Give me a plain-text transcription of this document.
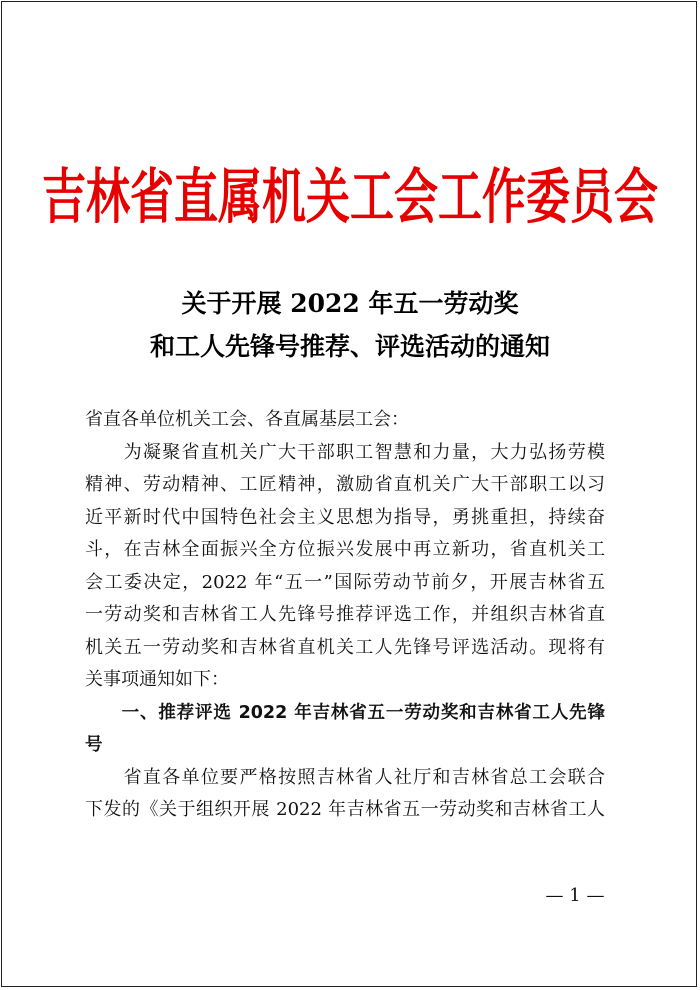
吉林省直属机关工会工作委员会
关于开展 2022 年五一劳动奖
和工人先锋号推荐、评选活动的通知
省直各单位机关工会、各直属基层工会：
　　为凝聚省直机关广大干部职工智慧和力量，大力弘扬劳模
精神、劳动精神、工匠精神，激励省直机关广大干部职工以习
近平新时代中国特色社会主义思想为指导，勇挑重担，持续奋
斗，在吉林全面振兴全方位振兴发展中再立新功，省直机关工
会工委决定，2022 年“五一”国际劳动节前夕，开展吉林省五
一劳动奖和吉林省工人先锋号推荐评选工作，并组织吉林省直
机关五一劳动奖和吉林省直机关工人先锋号评选活动。现将有
关事项通知如下：
　　一、推荐评选 2022 年吉林省五一劳动奖和吉林省工人先锋
号
　　省直各单位要严格按照吉林省人社厅和吉林省总工会联合
下发的《关于组织开展 2022 年吉林省五一劳动奖和吉林省工人
— 1 —
